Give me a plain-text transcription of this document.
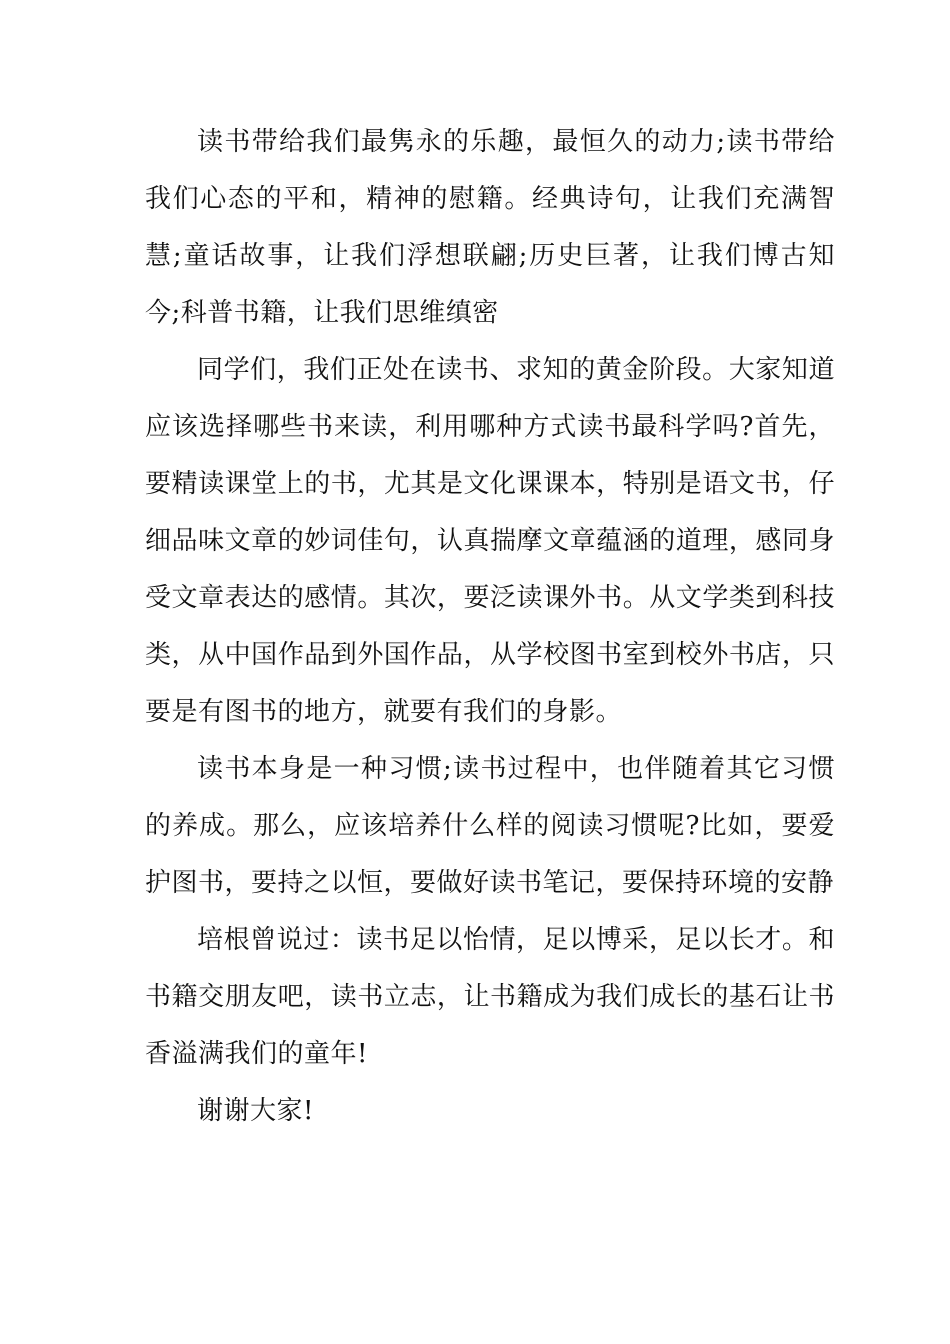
读书带给我们最隽永的乐趣，最恒久的动力;读书带给我们心态的平和，精神的慰籍。经典诗句，让我们充满智慧;童话故事，让我们浮想联翩;历史巨著，让我们博古知今;科普书籍，让我们思维缜密

同学们，我们正处在读书、求知的黄金阶段。大家知道应该选择哪些书来读，利用哪种方式读书最科学吗?首先，要精读课堂上的书，尤其是文化课课本，特别是语文书，仔细品味文章的妙词佳句，认真揣摩文章蕴涵的道理，感同身受文章表达的感情。其次，要泛读课外书。从文学类到科技类，从中国作品到外国作品，从学校图书室到校外书店，只要是有图书的地方，就要有我们的身影。

读书本身是一种习惯;读书过程中，也伴随着其它习惯的养成。那么，应该培养什么样的阅读习惯呢?比如，要爱护图书，要持之以恒，要做好读书笔记，要保持环境的安静

培根曾说过：读书足以怡情，足以博采，足以长才。和书籍交朋友吧，读书立志，让书籍成为我们成长的基石让书香溢满我们的童年!

谢谢大家!
